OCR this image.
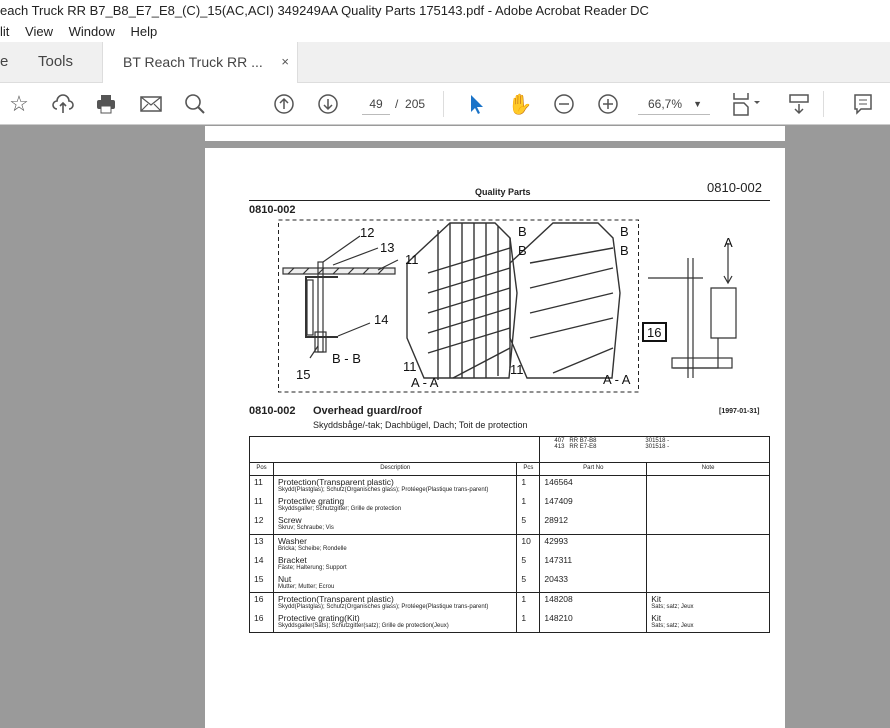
each Truck RR B7_B8_E7_E8_(C)_15(AC,ACI) 349249AA Quality Parts 175143.pdf - Adobe Acrobat Reader DC
lit View Window Help
e Tools	BT Reach Truck RR ... ×
☆	49	/ 205	✋	66,7% ▼
Quality Parts	0810-002
0810-002
12
13
11
14
B - B
15
11
A - A
B
B
B
B
11
A - A
A
16
0810-002 Overhead guard/roof	[1997-01-31]
Skyddsbåge/-tak; Dachbügel, Dach; Toit de protection

			407 RR B7-B8 301518 -
413 RR E7-E8 301518 -	

Pos	Description	Pcs	Part No	Note
11	Protection(Transparent plastic)
Skydd(Plastglas); Schutz(Organisches glass); Protéege(Plastique trans-parent)	1	146564	

11	Protective grating
Skyddsgaller; Schutzgitter; Grille de protection	1	147409	

12	Screw
Skruv; Schraube; Vis	5	28912	

13	Washer
Bricka; Scheibe; Rondelle	10	42993	

14	Bracket
Fäste; Halterung; Support	5	147311	

15	Nut
Mutter; Mutter; Ecrou	5	20433	

16	Protection(Transparent plastic)
Skydd(Plastglas); Schutz(Organisches glass); Protéege(Plastique trans-parent)	1	148208	Kit
Sats; satz; Jeux

16	Protective grating(Kit)
Skyddsgaller(Sats); Schutzgitter(satz); Grille de protection(Jeux)	1	148210	Kit
Sats; satz; Jeux
